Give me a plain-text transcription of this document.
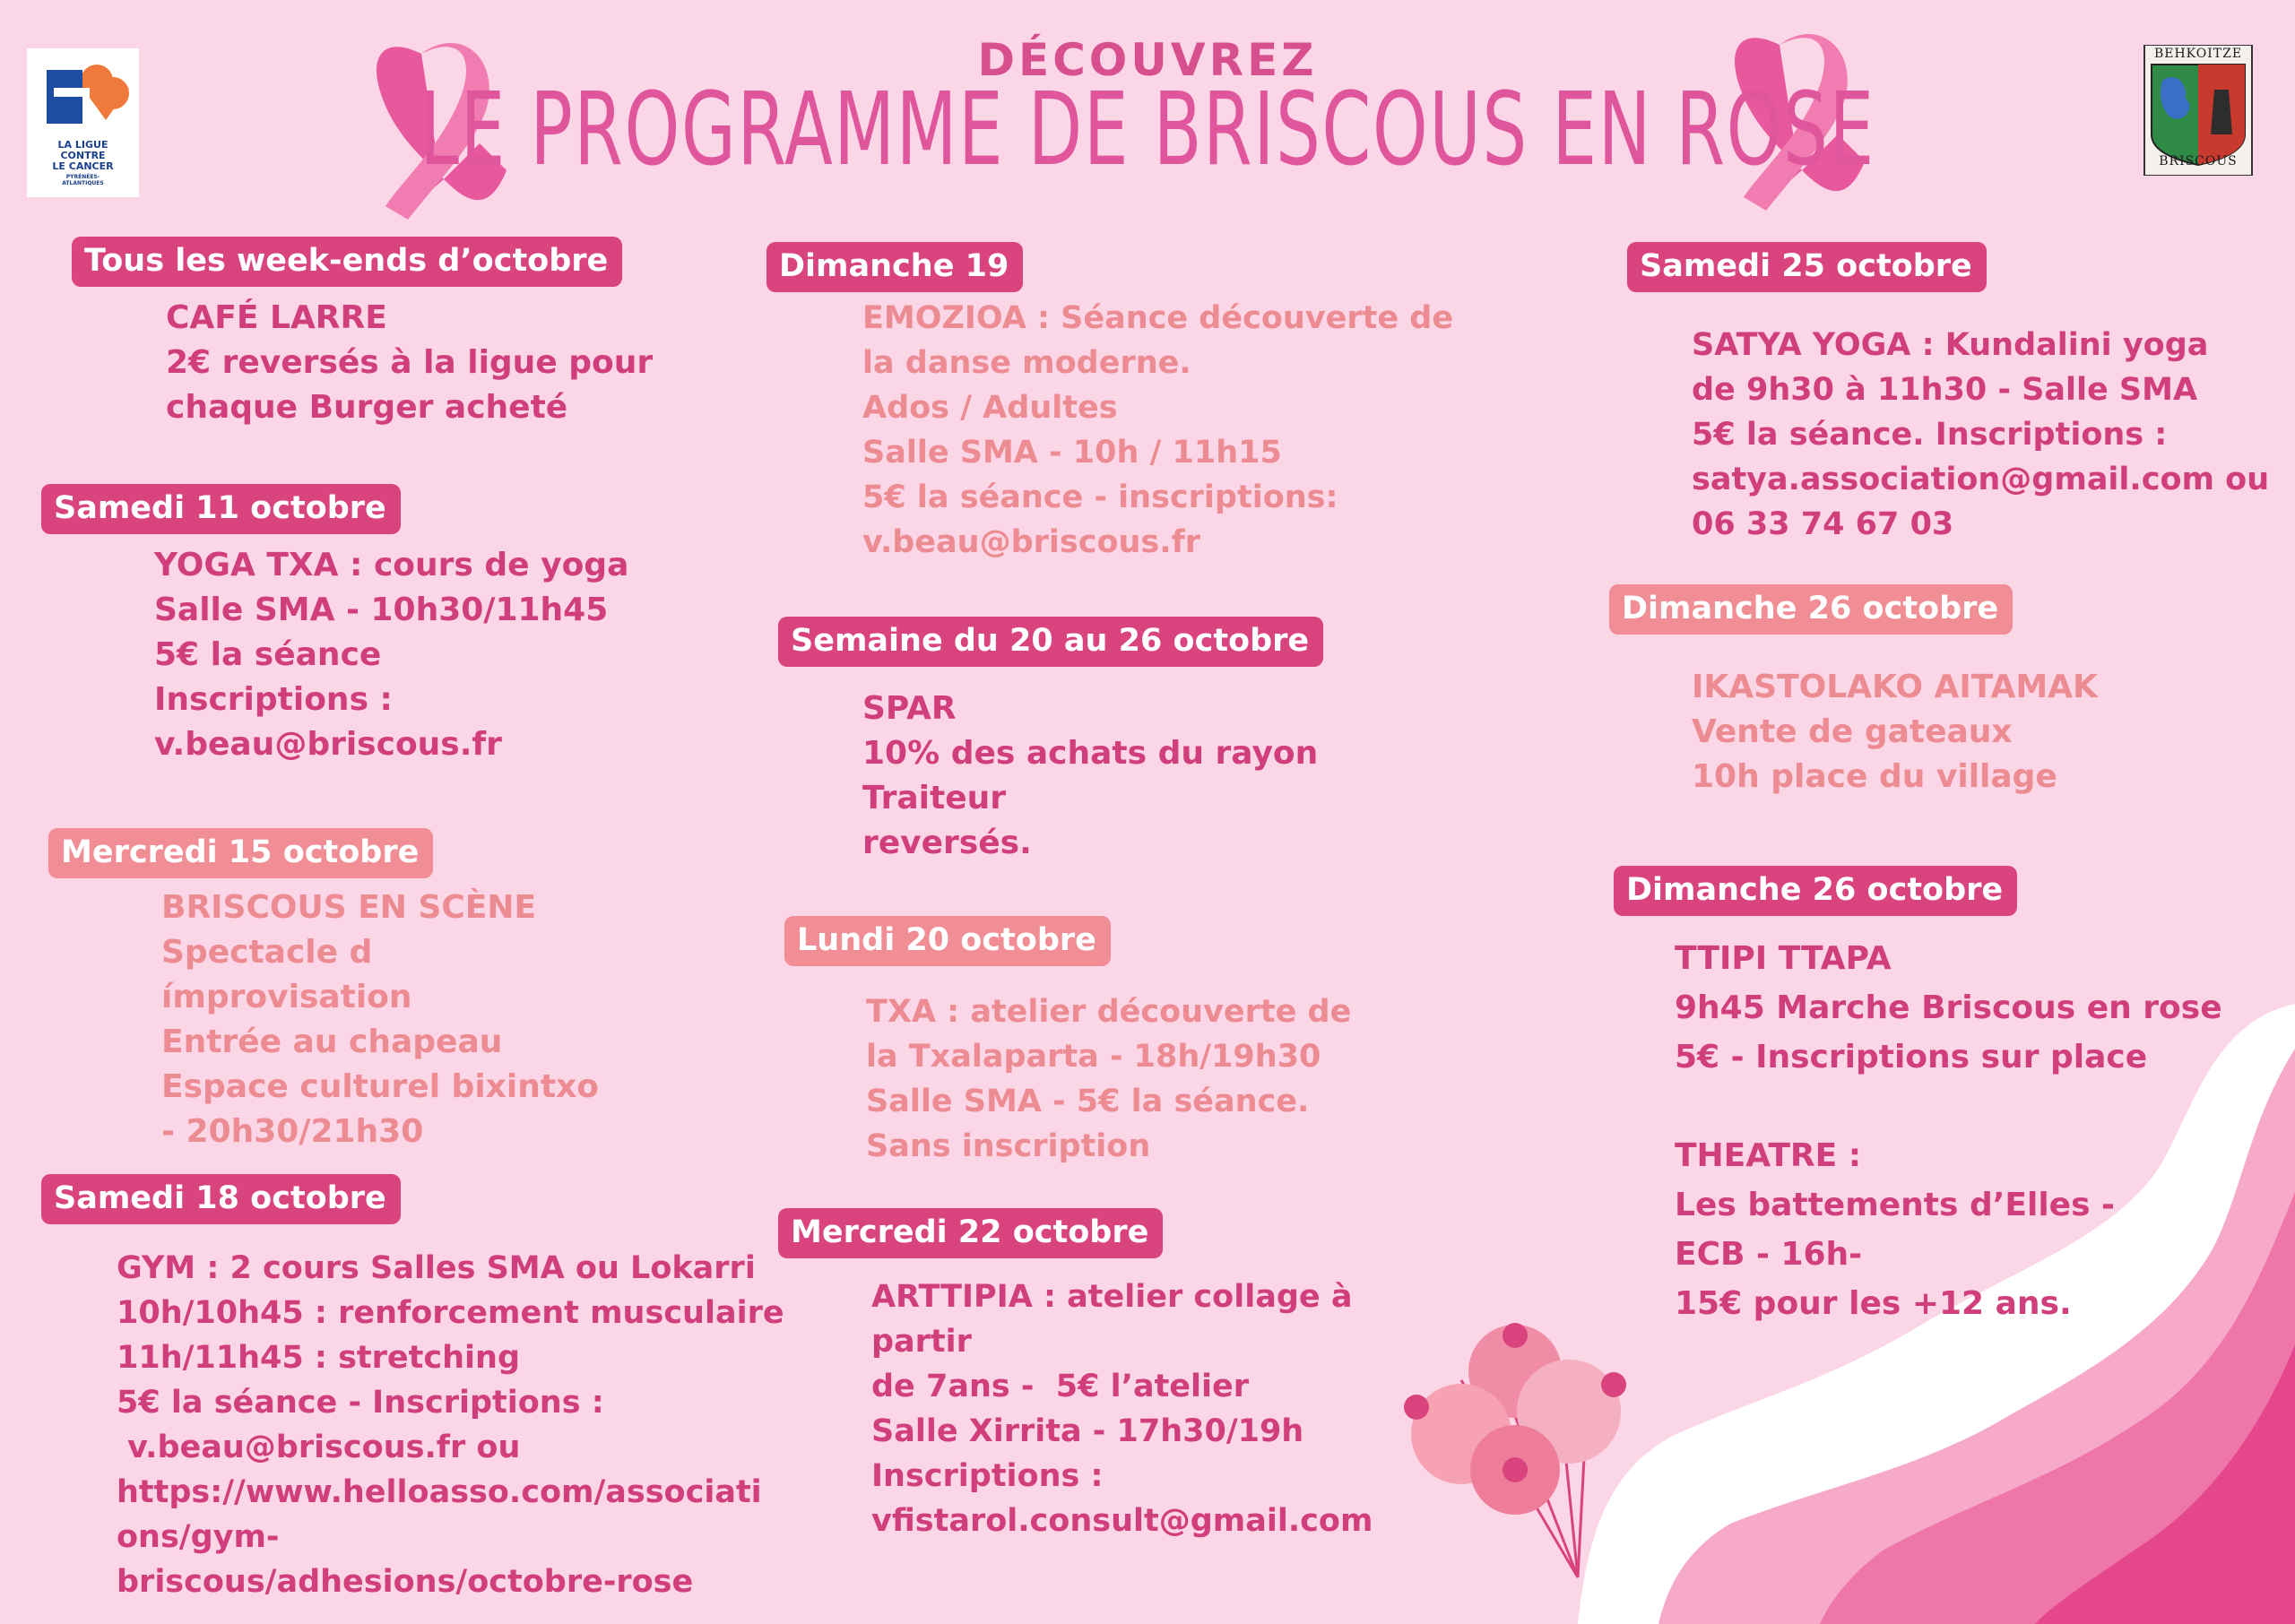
LA LIGUE
CONTRE
LE CANCER
PYRÉNÉES-
ATLANTIQUES
BEHKOITZE
BRISCOUS
DÉCOUVREZ
LE PROGRAMME DE BRISCOUS EN ROSE
Tous les week-ends d’octobre
CAFÉ LARRE
2€ reversés à la ligue pour
chaque Burger acheté
Samedi 11 octobre
YOGA TXA : cours de yoga
Salle SMA - 10h30/11h45
5€ la séance
Inscriptions :
v.beau@briscous.fr
Mercredi 15 octobre
BRISCOUS EN SCÈNE
Spectacle d
ímprovisation
Entrée au chapeau
Espace culturel bixintxo
- 20h30/21h30
Samedi 18 octobre
GYM : 2 cours Salles SMA ou Lokarri
10h/10h45 : renforcement musculaire
11h/11h45 : stretching
5€ la séance - Inscriptions :
v.beau@briscous.fr ou
https://www.helloasso.com/associati
ons/gym-
briscous/adhesions/octobre-rose
Dimanche 19
EMOZIOA : Séance découverte de
la danse moderne.
Ados / Adultes
Salle SMA - 10h / 11h15
5€ la séance - inscriptions:
v.beau@briscous.fr
Semaine du 20 au 26 octobre
SPAR
10% des achats du rayon
Traiteur
reversés.
Lundi 20 octobre
TXA : atelier découverte de
la Txalaparta - 18h/19h30
Salle SMA - 5€ la séance.
Sans inscription
Mercredi 22 octobre
ARTTIPIA : atelier collage à
partir
de 7ans -  5€ l’atelier
Salle Xirrita - 17h30/19h
Inscriptions :
vfistarol.consult@gmail.com
Samedi 25 octobre
SATYA YOGA : Kundalini yoga
de 9h30 à 11h30 - Salle SMA
5€ la séance. Inscriptions :
satya.association@gmail.com ou
06 33 74 67 03
Dimanche 26 octobre
IKASTOLAKO AITAMAK
Vente de gateaux
10h place du village
Dimanche 26 octobre
TTIPI TTAPA
9h45 Marche Briscous en rose
5€ - Inscriptions sur place
THEATRE :
Les battements d’Elles -
ECB - 16h-
15€ pour les +12 ans.
